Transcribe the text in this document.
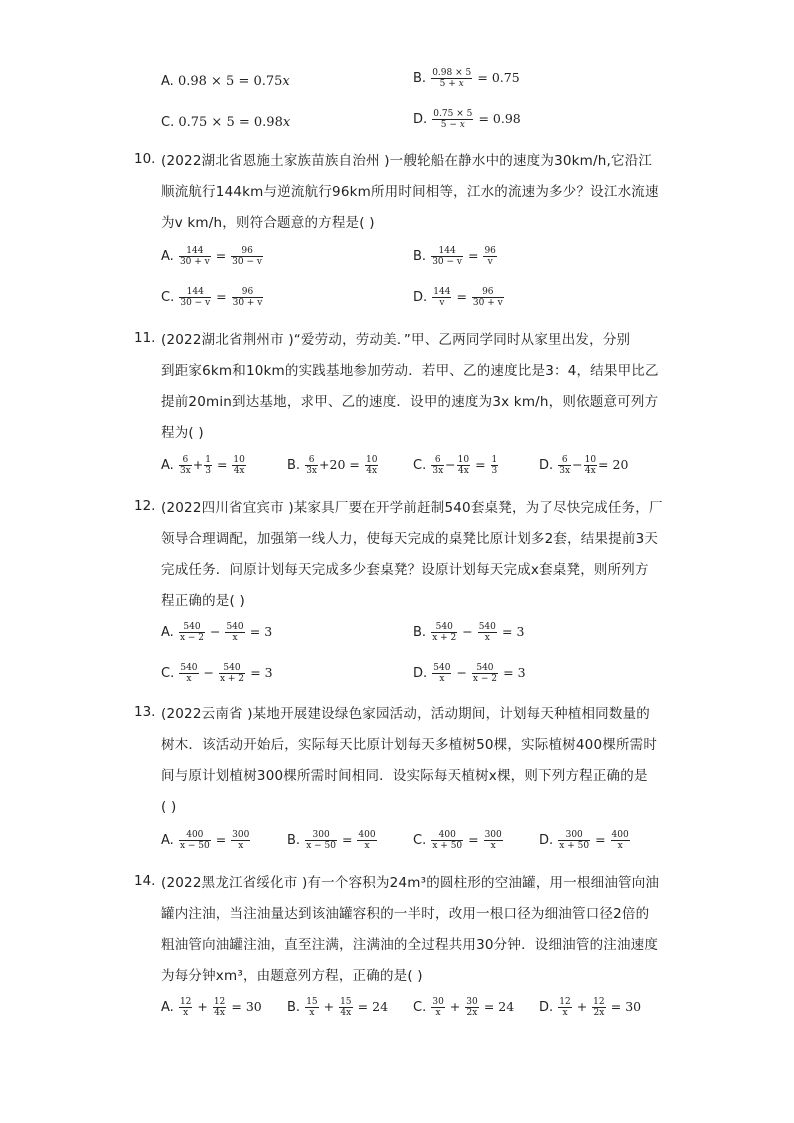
A. 0.98 × 5 = 0.75x	B. $\frac{0.98 \times 5}{5 + x} = 0.75$
C. 0.75 × 5 = 0.98x	D. $\frac{0.75 \times 5}{5 - x} = 0.98$
10. (2022湖北省恩施土家族苗族自治州 )一艘轮船在静水中的速度为30km/h,它沿江
顺流航行144km与逆流航行96km所用时间相等，江水的流速为多少？设江水流速
为v km/h，则符合题意的方程是( )
A. $\frac{144}{30 + v} = \frac{96}{30 - v}$	B. $\frac{144}{30 - v} = \frac{96}{v}$
C. $\frac{144}{30 - v} = \frac{96}{30 + v}$	D. $\frac{144}{v} = \frac{96}{30 + v}$
11. (2022湖北省荆州市 )“爱劳动，劳动美．”甲、乙两同学同时从家里出发，分别
到距家6km和10km的实践基地参加劳动．若甲、乙的速度比是3：4，结果甲比乙
提前20min到达基地，求甲、乙的速度．设甲的速度为3x km/h，则依题意可列方
程为( )
A. $\frac{6}{3x} + \frac{1}{3} = \frac{10}{4x}$	B. $\frac{6}{3x} +20 = \frac{10}{4x}$	C. $\frac{6}{3x} - \frac{10}{4x} = \frac{1}{3}$	D. $\frac{6}{3x} - \frac{10}{4x} = 20$
12. (2022四川省宜宾市 )某家具厂要在开学前赶制540套桌凳，为了尽快完成任务，厂
领导合理调配，加强第一线人力，使每天完成的桌凳比原计划多2套，结果提前3天
完成任务．问原计划每天完成多少套桌凳？设原计划每天完成x套桌凳，则所列方
程正确的是( )
A. $\frac{540}{x - 2} - \frac{540}{x} = 3$	B. $\frac{540}{x + 2} - \frac{540}{x} = 3$
C. $\frac{540}{x} - \frac{540}{x + 2} = 3$	D. $\frac{540}{x} - \frac{540}{x - 2} = 3$
13. (2022云南省 )某地开展建设绿色家园活动，活动期间，计划每天种植相同数量的
树木．该活动开始后，实际每天比原计划每天多植树50棵，实际植树400棵所需时
间与原计划植树300棵所需时间相同．设实际每天植树x棵，则下列方程正确的是
( )
A. $\frac{400}{x - 50} = \frac{300}{x}$	B. $\frac{300}{x - 50} = \frac{400}{x}$	C. $\frac{400}{x + 50} = \frac{300}{x}$	D. $\frac{300}{x + 50} = \frac{400}{x}$
14. (2022黑龙江省绥化市 )有一个容积为24m³的圆柱形的空油罐，用一根细油管向油
罐内注油，当注油量达到该油罐容积的一半时，改用一根口径为细油管口径2倍的
粗油管向油罐注油，直至注满，注满油的全过程共用30分钟．设细油管的注油速度
为每分钟xm³，由题意列方程，正确的是( )
A. $\frac{12}{x} + \frac{12}{4x} = 30$ B. $\frac{15}{x} + \frac{15}{4x} = 24$ C. $\frac{30}{x} + \frac{30}{2x} = 24$ D. $\frac{12}{x} + \frac{12}{2x} = 30$
